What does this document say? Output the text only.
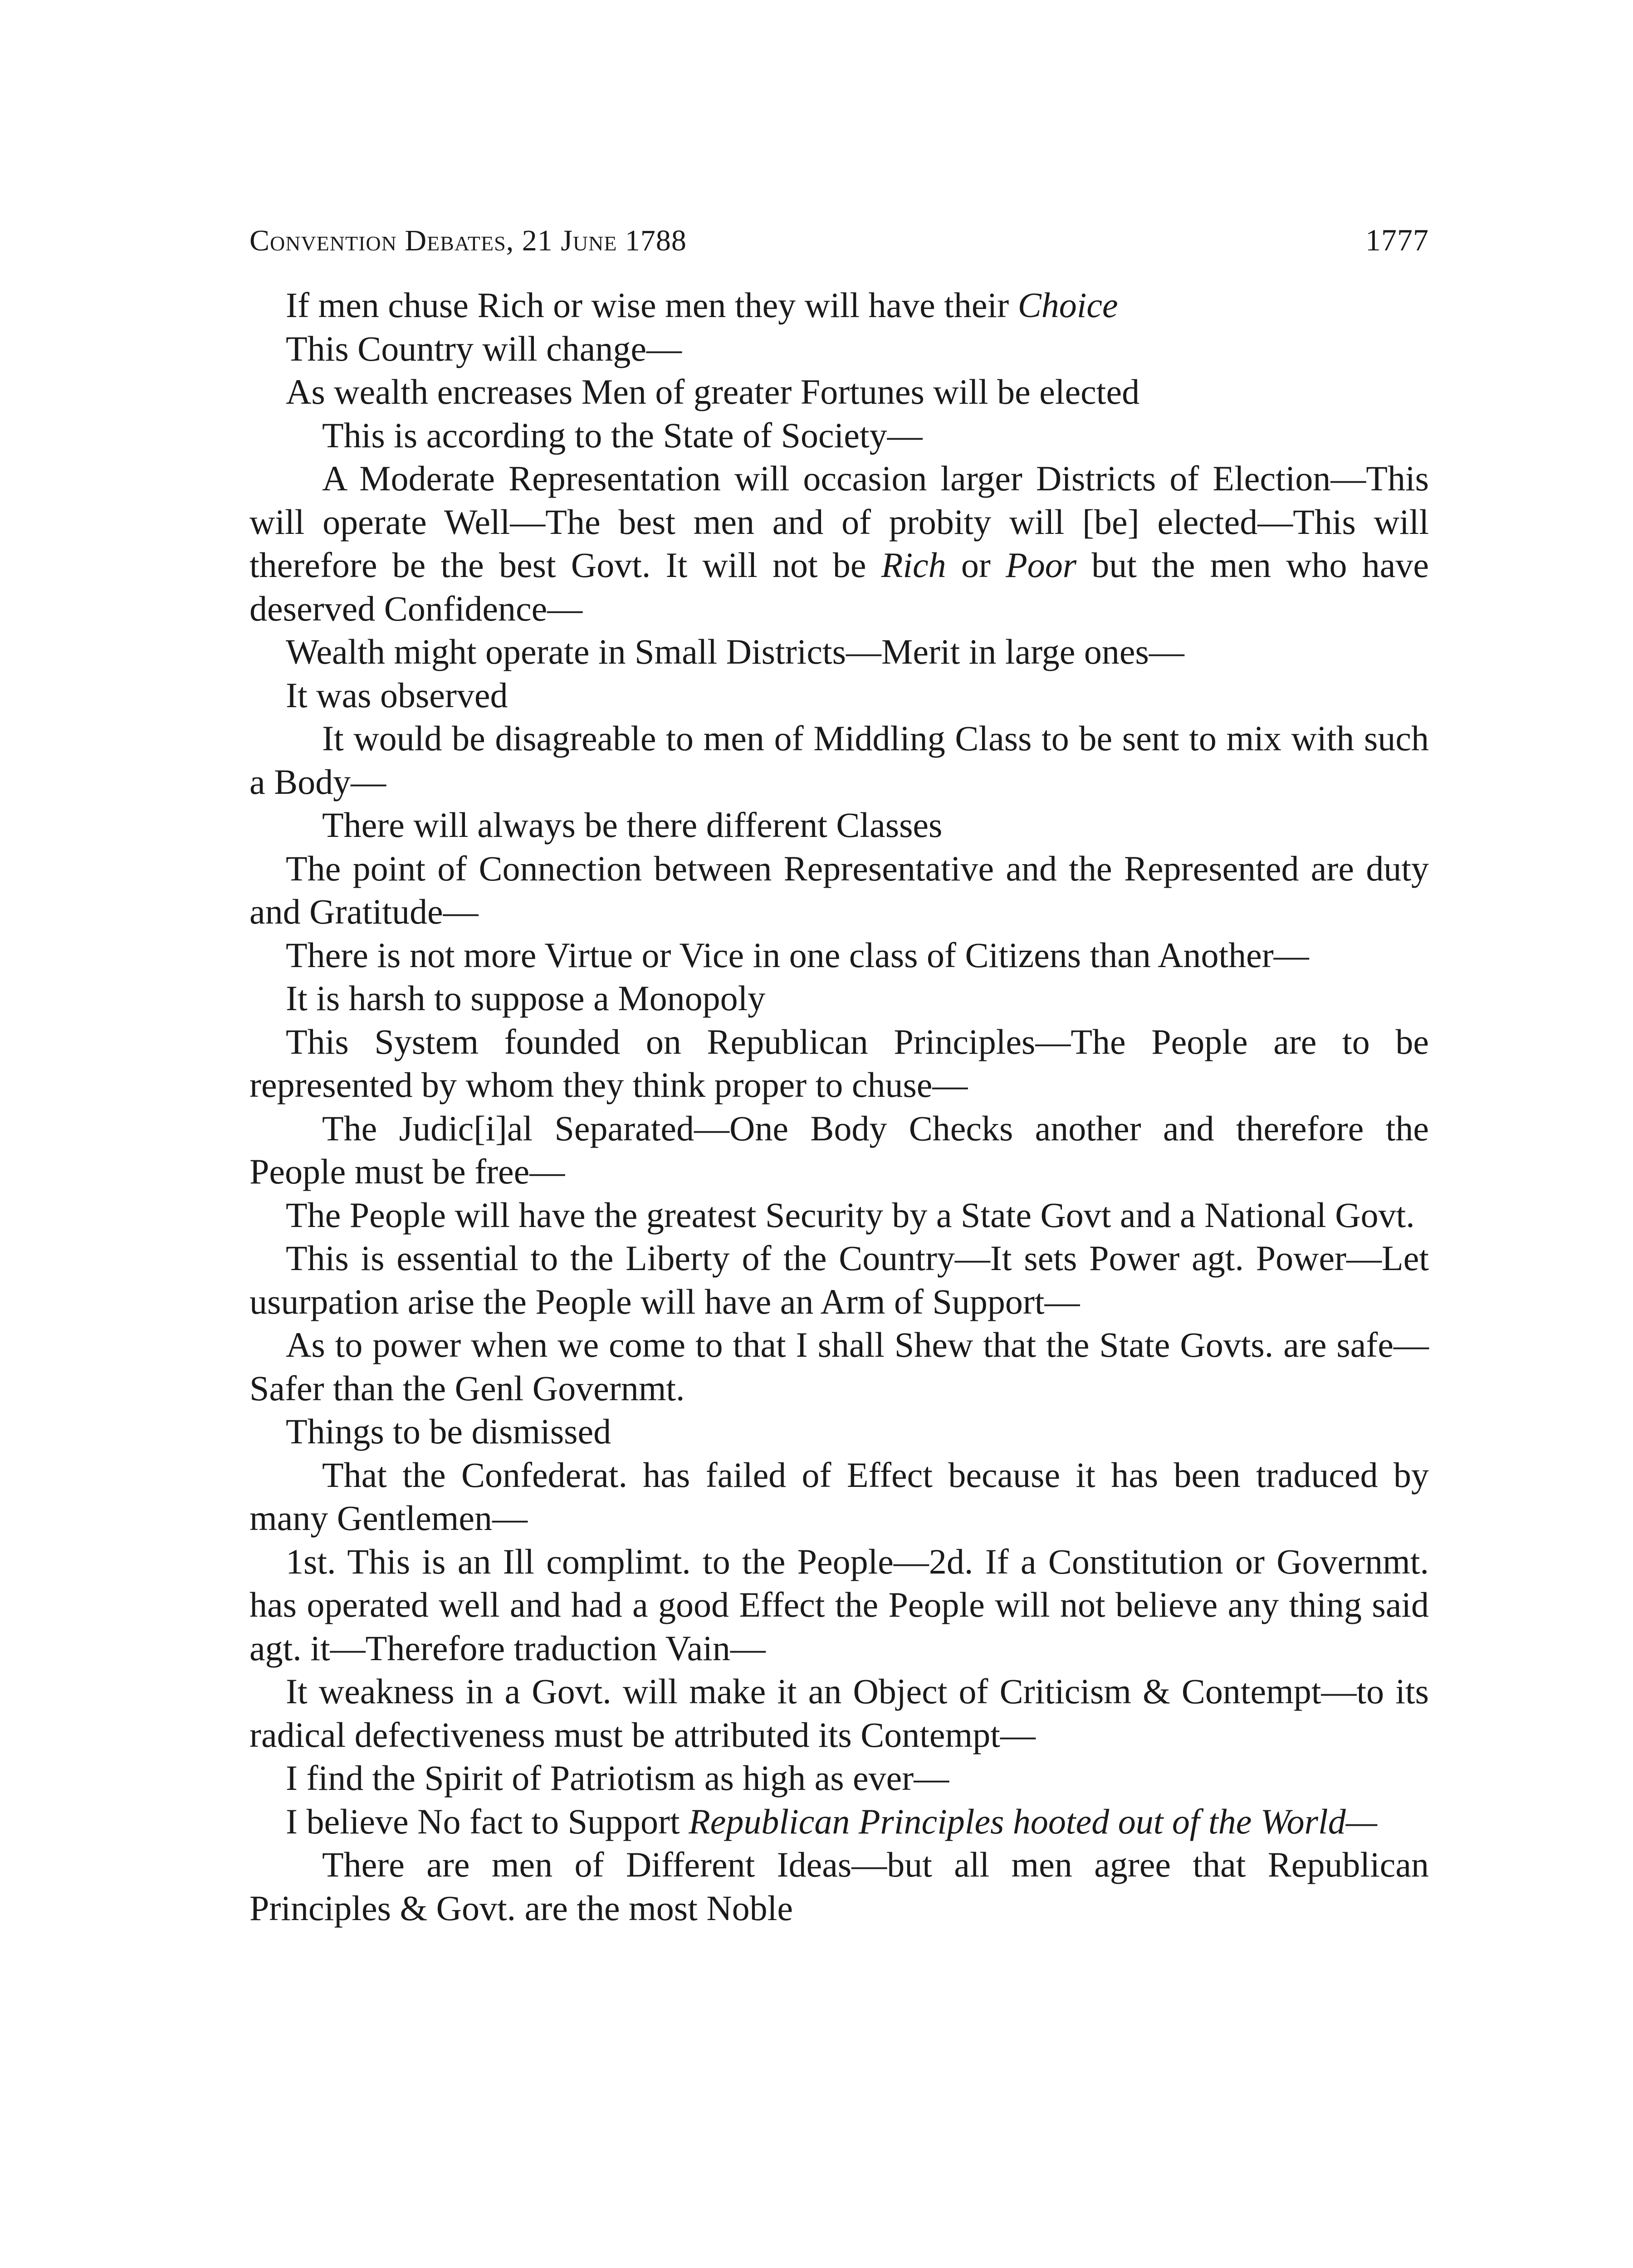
Convention Debates, 21 June 1788	1777

If men chuse Rich or wise men they will have their Choice

This Country will change—

As wealth encreases Men of greater Fortunes will be elected

This is according to the State of Society—

A Moderate Representation will occasion larger Districts of Election—This will operate Well—The best men and of probity will [be] elected—This will therefore be the best Govt. It will not be Rich or Poor but the men who have deserved Confidence—

Wealth might operate in Small Districts—Merit in large ones—

It was observed

It would be disagreable to men of Middling Class to be sent to mix with such a Body—

There will always be there different Classes

The point of Connection between Representative and the Represented are duty and Gratitude—

There is not more Virtue or Vice in one class of Citizens than Another—

It is harsh to suppose a Monopoly

This System founded on Republican Principles—The People are to be represented by whom they think proper to chuse—

The Judic[i]al Separated—One Body Checks another and therefore the People must be free—

The People will have the greatest Security by a State Govt and a National Govt.

This is essential to the Liberty of the Country—It sets Power agt. Power—Let usurpation arise the People will have an Arm of Support—

As to power when we come to that I shall Shew that the State Govts. are safe—Safer than the Genl Governmt.

Things to be dismissed

That the Confederat. has failed of Effect because it has been traduced by many Gentlemen—

1st. This is an Ill complimt. to the People—2d. If a Constitution or Governmt. has operated well and had a good Effect the People will not believe any thing said agt. it—Therefore traduction Vain—

It weakness in a Govt. will make it an Object of Criticism & Contempt—to its radical defectiveness must be attributed its Contempt—

I find the Spirit of Patriotism as high as ever—

I believe No fact to Support Republican Principles hooted out of the World—

There are men of Different Ideas—but all men agree that Republican Principles & Govt. are the most Noble
